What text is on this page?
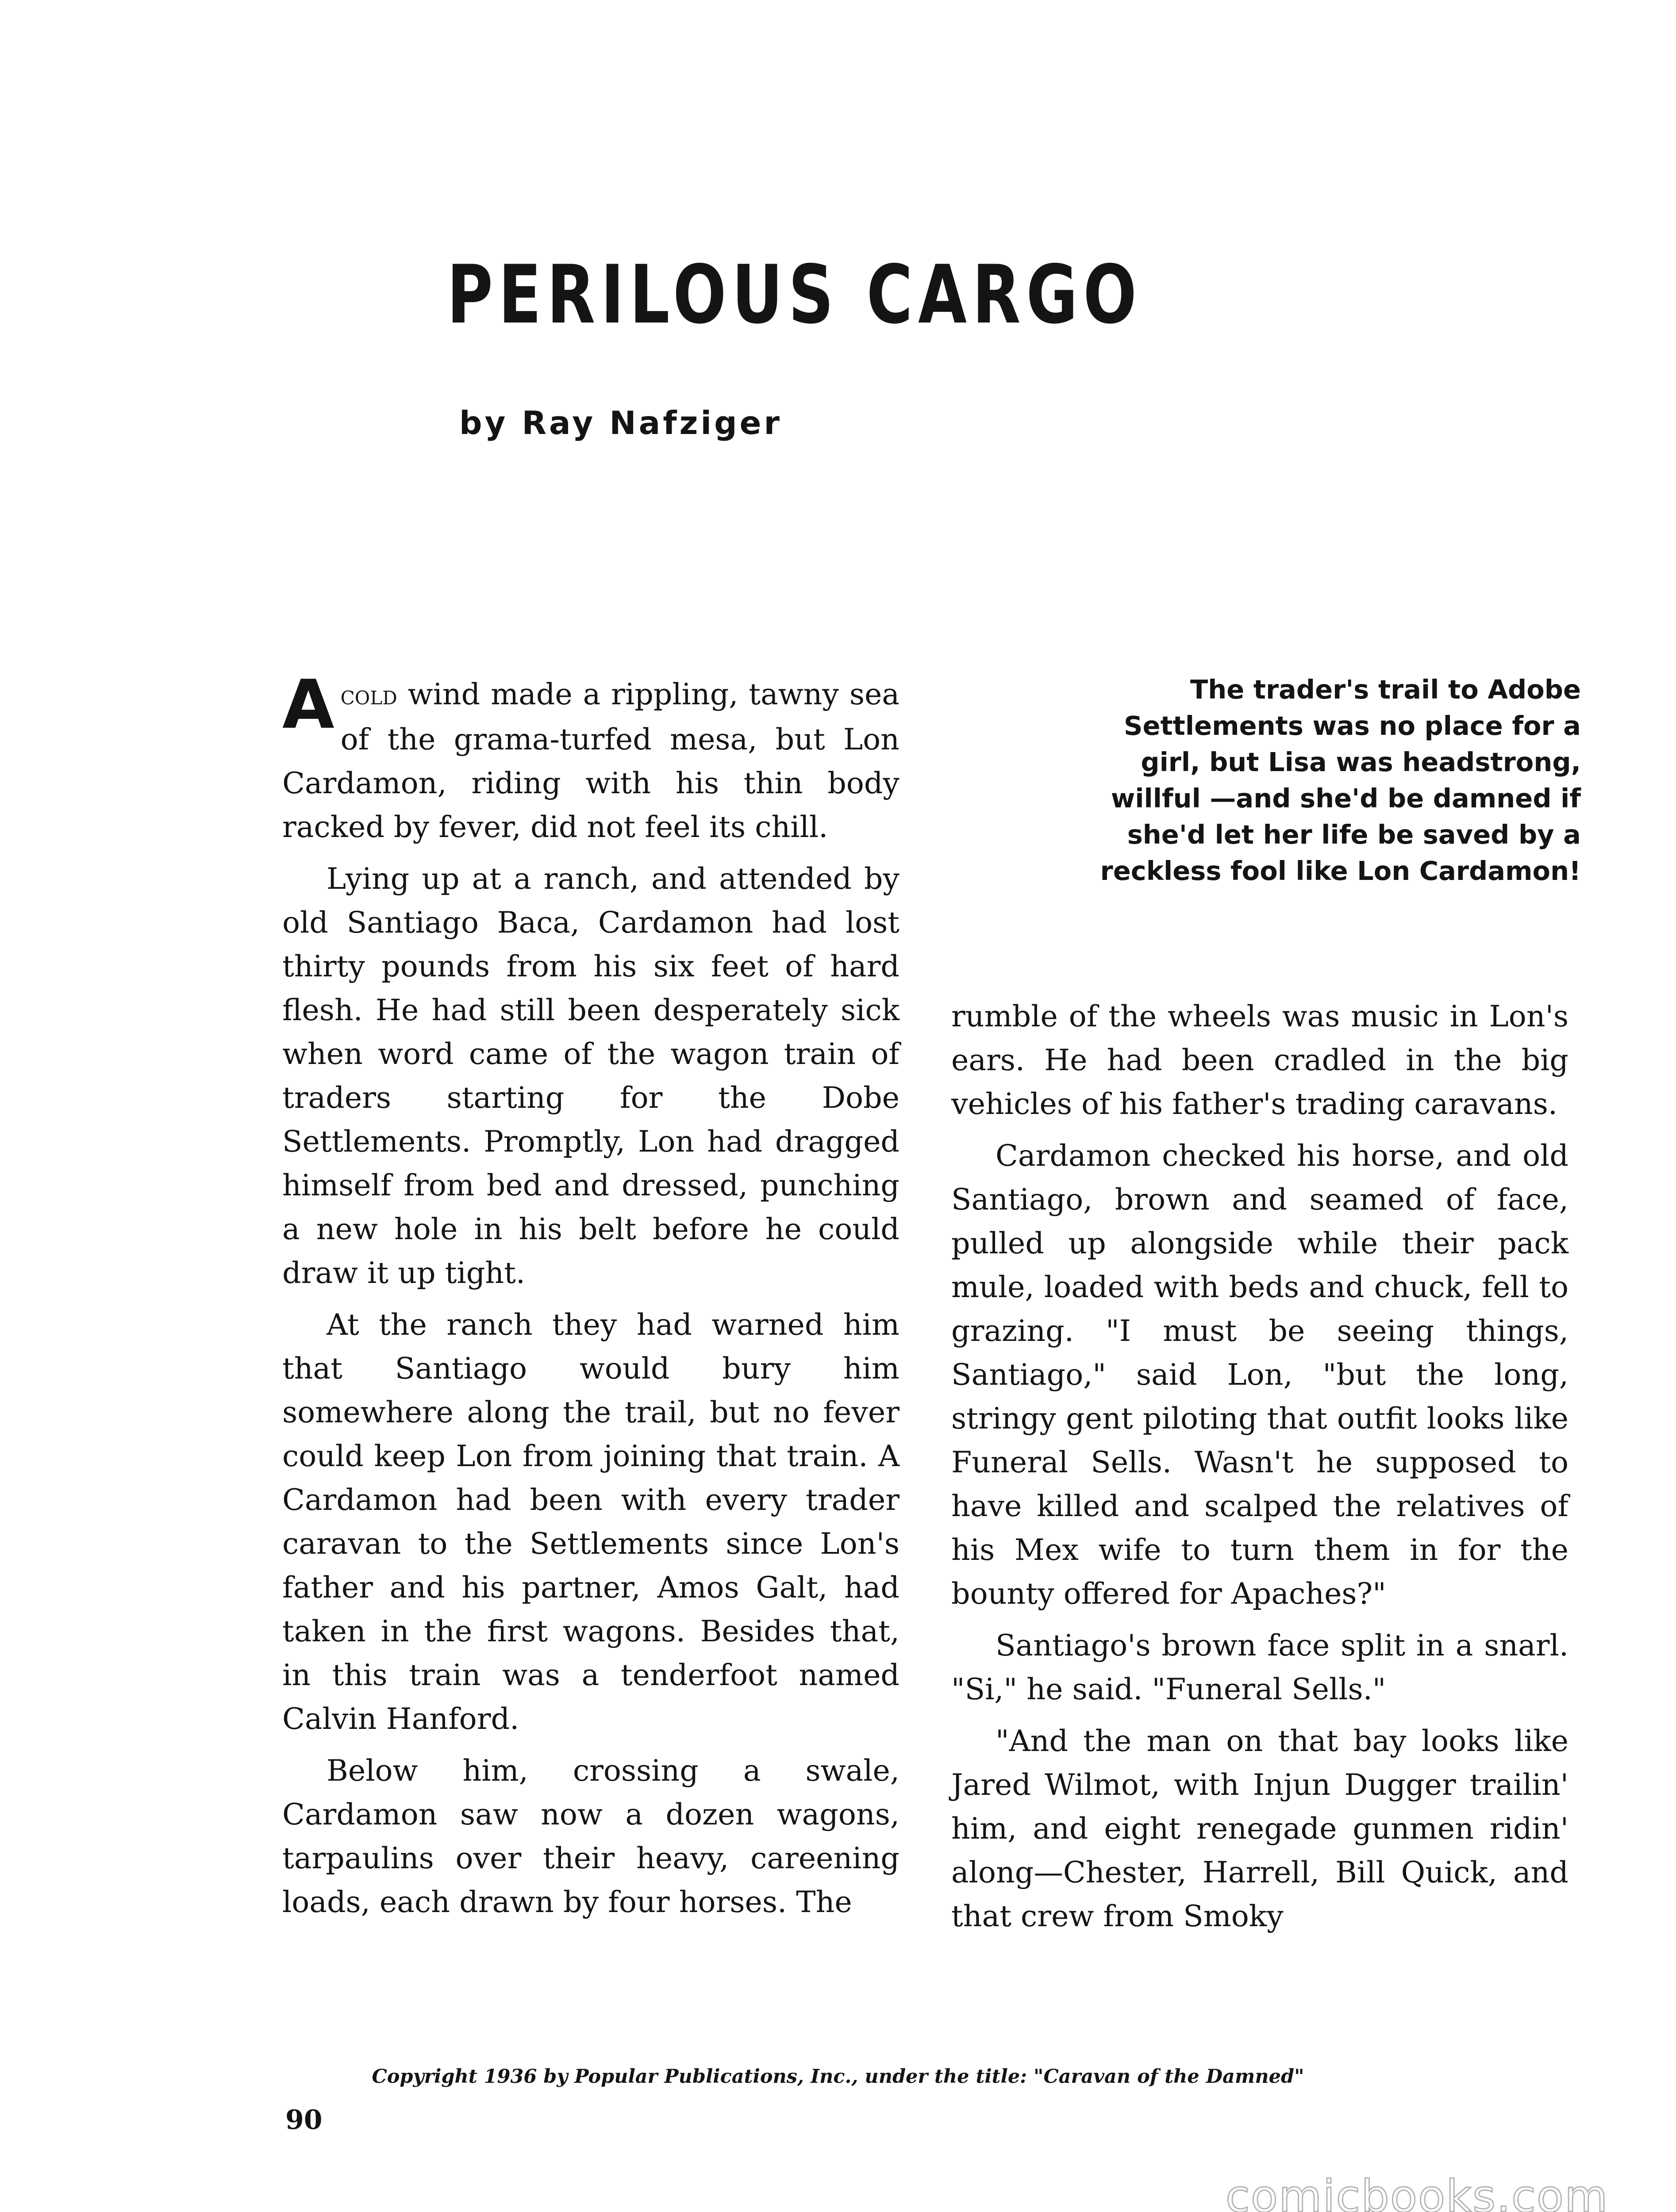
PERILOUS CARGO
by Ray Nafziger

Acold wind made a rippling, tawny sea of the grama-turfed mesa, but Lon Cardamon, riding with his thin body racked by fever, did not feel its chill.

Lying up at a ranch, and attended by old Santiago Baca, Cardamon had lost thirty pounds from his six feet of hard flesh. He had still been desperately sick when word came of the wagon train of traders starting for the Dobe Settlements. Promptly, Lon had dragged himself from bed and dressed, punching a new hole in his belt before he could draw it up tight.

At the ranch they had warned him that Santiago would bury him somewhere along the trail, but no fever could keep Lon from joining that train. A Cardamon had been with every trader caravan to the Settlements since Lon's father and his partner, Amos Galt, had taken in the first wagons. Besides that, in this train was a tenderfoot named Calvin Hanford.

Below him, crossing a swale, Cardamon saw now a dozen wagons, tarpaulins over their heavy, careening loads, each drawn by four horses. The

The trader's trail to Adobe Settlements was no place for a girl, but Lisa was headstrong, willful —and she'd be damned if she'd let her life be saved by a reckless fool like Lon Cardamon!

rumble of the wheels was music in Lon's ears. He had been cradled in the big vehicles of his father's trading caravans.

Cardamon checked his horse, and old Santiago, brown and seamed of face, pulled up alongside while their pack mule, loaded with beds and chuck, fell to grazing. "I must be seeing things, Santiago," said Lon, "but the long, stringy gent piloting that outfit looks like Funeral Sells. Wasn't he supposed to have killed and scalped the relatives of his Mex wife to turn them in for the bounty offered for Apaches?"

Santiago's brown face split in a snarl. "Si," he said. "Funeral Sells."

"And the man on that bay looks like Jared Wilmot, with Injun Dugger trailin' him, and eight renegade gunmen ridin' along—Chester, Harrell, Bill Quick, and that crew from Smoky

Copyright 1936 by Popular Publications, Inc., under the title: "Caravan of the Damned"
90
comicbooks.com
